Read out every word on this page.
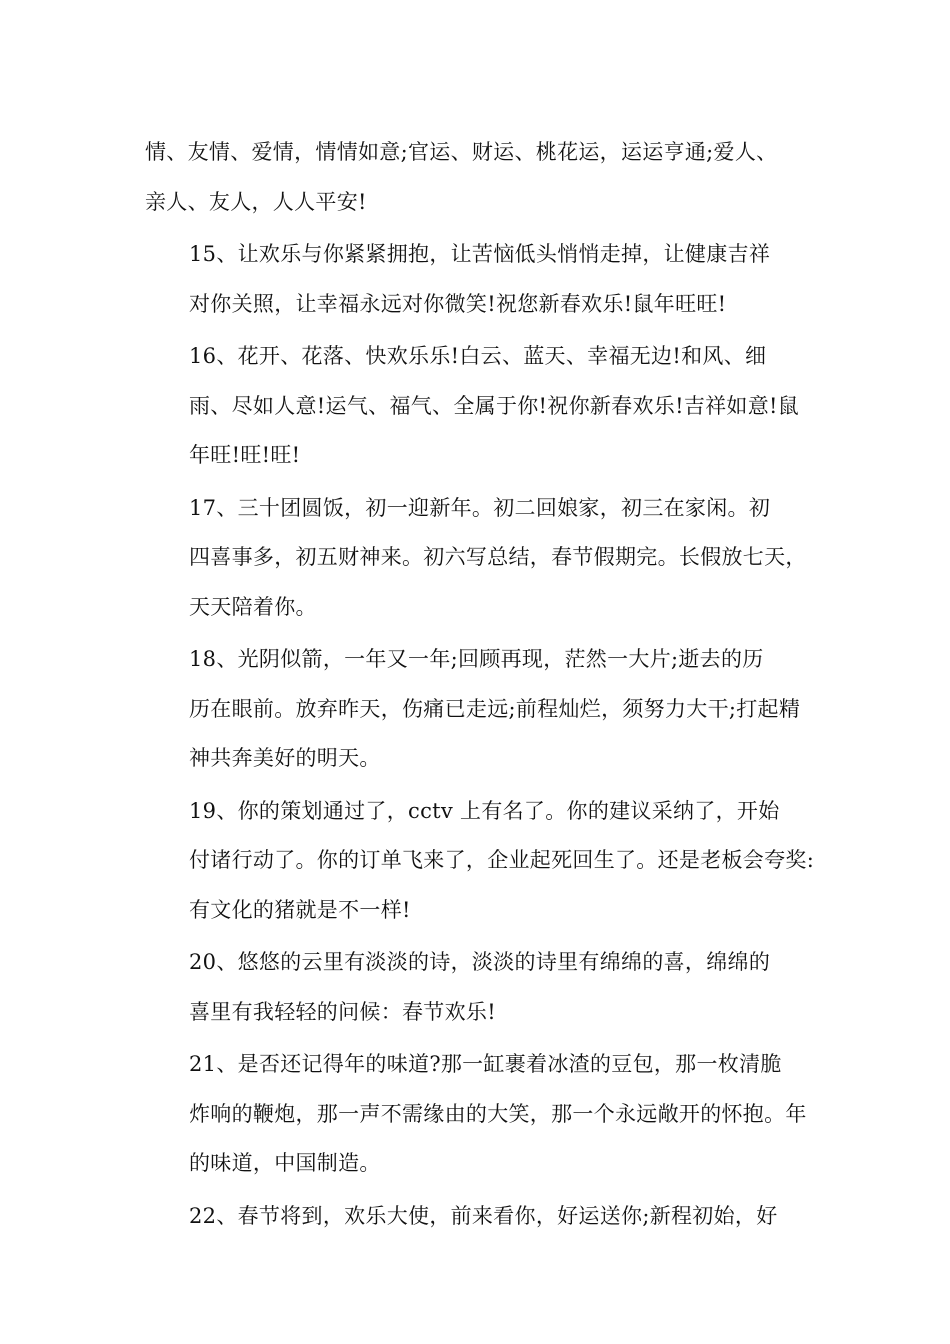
情、友情、爱情，情情如意;官运、财运、桃花运，运运亨通;爱人、
亲人、友人，人人平安!
15、让欢乐与你紧紧拥抱，让苦恼低头悄悄走掉，让健康吉祥
对你关照，让幸福永远对你微笑!祝您新春欢乐!鼠年旺旺!
16、花开、花落、快欢乐乐!白云、蓝天、幸福无边!和风、细
雨、尽如人意!运气、福气、全属于你!祝你新春欢乐!吉祥如意!鼠
年旺!旺!旺!
17、三十团圆饭，初一迎新年。初二回娘家，初三在家闲。初
四喜事多，初五财神来。初六写总结，春节假期完。长假放七天，
天天陪着你。
18、光阴似箭，一年又一年;回顾再现，茫然一大片;逝去的历
历在眼前。放弃昨天，伤痛已走远;前程灿烂，须努力大干;打起精
神共奔美好的明天。
19、你的策划通过了，cctv 上有名了。你的建议采纳了，开始
付诸行动了。你的订单飞来了，企业起死回生了。还是老板会夸奖:
有文化的猪就是不一样!
20、悠悠的云里有淡淡的诗，淡淡的诗里有绵绵的喜，绵绵的
喜里有我轻轻的问候：春节欢乐!
21、是否还记得年的味道?那一缸裹着冰渣的豆包，那一枚清脆
炸响的鞭炮，那一声不需缘由的大笑，那一个永远敞开的怀抱。年
的味道，中国制造。
22、春节将到，欢乐大使，前来看你，好运送你;新程初始，好
